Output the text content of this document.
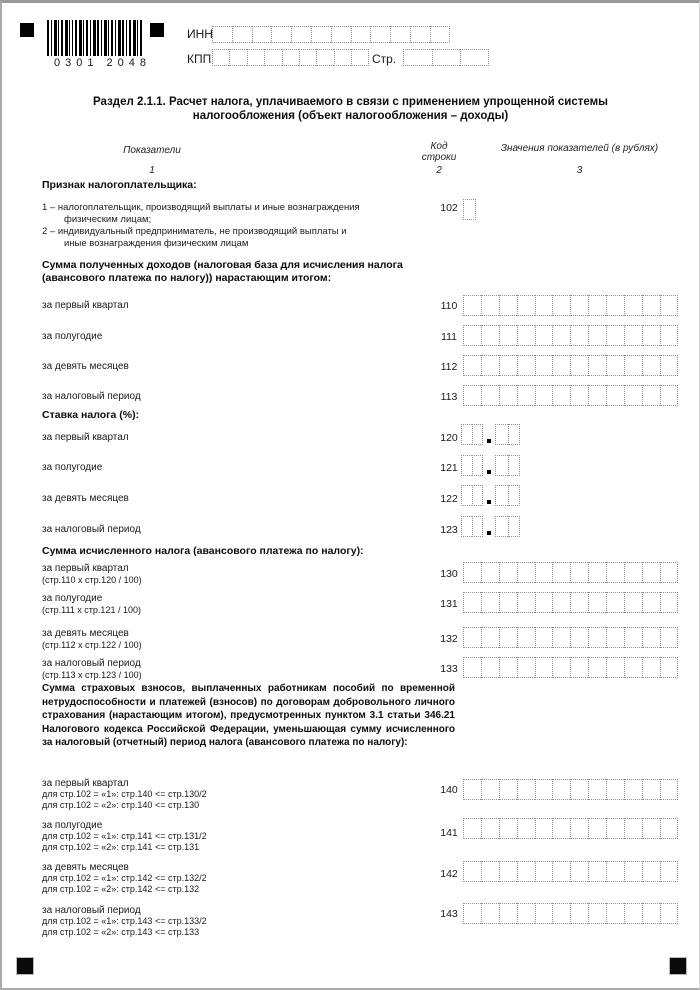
0301 2048
ИНН
КПП	Стр.
Раздел 2.1.1. Расчет налога, уплачиваемого в связи с применением упрощенной системы
налогообложения (объект налогообложения – доходы)
Показатели
1
Код
строки
2
Значения показателей (в рублях)
3
Признак налогоплательщика:
1 – налогоплательщик, производящий выплаты и иные вознаграждения
физическим лицам;
2 – индивидуальный предприниматель, не производящий выплаты и
иные вознаграждения физическим лицам
102
Сумма полученных доходов (налоговая база для исчисления налога
(авансового платежа по налогу)) нарастающим итогом:
за первый квартал	110
за полугодие	111
за девять месяцев	112
за налоговый период	113
Ставка налога (%):
за первый квартал	120
за полугодие	121
за девять месяцев	122
за налоговый период	123
Сумма исчисленного налога (авансового платежа по налогу):
за первый квартал
(стр.110 х стр.120 / 100)	130
за полугодие
(стр.111 х стр.121 / 100)	131
за девять месяцев
(стр.112 х стр.122 / 100)	132
за налоговый период
(стр.113 х стр.123 / 100)	133
Сумма страховых взносов, выплаченных работникам пособий по временной нетрудоспособности и платежей (взносов) по договорам добровольного личного страхования (нарастающим итогом), предусмотренных пунктом 3.1 статьи 346.21 Налогового кодекса Российской Федерации, уменьшающая сумму исчисленного за налоговый (отчетный) период налога (авансового платежа по налогу):
за первый квартал
для стр.102 = «1»: стр.140 <= стр.130/2
для стр.102 = «2»: стр.140 <= стр.130
140
за полугодие
для стр.102 = «1»: стр.141 <= стр.131/2
для стр.102 = «2»: стр.141 <= стр.131
141
за девять месяцев
для стр.102 = «1»: стр.142 <= стр.132/2
для стр.102 = «2»: стр.142 <= стр.132
142
за налоговый период
для стр.102 = «1»: стр.143 <= стр.133/2
для стр.102 = «2»: стр.143 <= стр.133
143
